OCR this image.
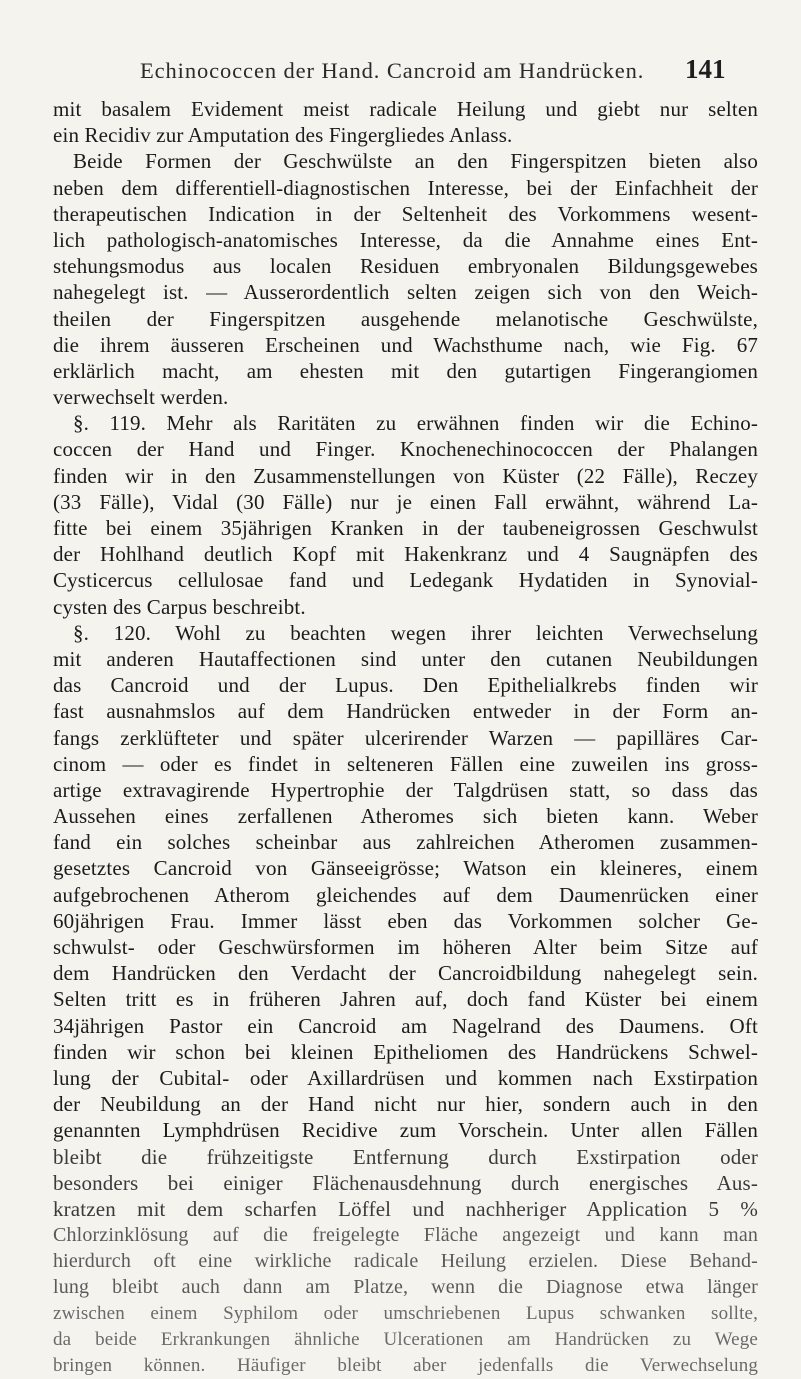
Echinococcen der Hand. Cancroid am Handrücken. 141
mit basalem Evidement meist radicale Heilung und giebt nur selten
ein Recidiv zur Amputation des Fingergliedes Anlass.
Beide Formen der Geschwülste an den Fingerspitzen bieten also
neben dem differentiell-diagnostischen Interesse, bei der Einfachheit der
therapeutischen Indication in der Seltenheit des Vorkommens wesent-
lich pathologisch-anatomisches Interesse, da die Annahme eines Ent-
stehungsmodus aus localen Residuen embryonalen Bildungsgewebes
nahegelegt ist. — Ausserordentlich selten zeigen sich von den Weich-
theilen der Fingerspitzen ausgehende melanotische Geschwülste,
die ihrem äusseren Erscheinen und Wachsthume nach, wie Fig. 67
erklärlich macht, am ehesten mit den gutartigen Fingerangiomen
verwechselt werden.
§. 119. Mehr als Raritäten zu erwähnen finden wir die Echino-
coccen der Hand und Finger. Knochenechinococcen der Phalangen
finden wir in den Zusammenstellungen von Küster (22 Fälle), Reczey
(33 Fälle), Vidal (30 Fälle) nur je einen Fall erwähnt, während La-
fitte bei einem 35jährigen Kranken in der taubeneigrossen Geschwulst
der Hohlhand deutlich Kopf mit Hakenkranz und 4 Saugnäpfen des
Cysticercus cellulosae fand und Ledegank Hydatiden in Synovial-
cysten des Carpus beschreibt.
§. 120. Wohl zu beachten wegen ihrer leichten Verwechselung
mit anderen Hautaffectionen sind unter den cutanen Neubildungen
das Cancroid und der Lupus. Den Epithelialkrebs finden wir
fast ausnahmslos auf dem Handrücken entweder in der Form an-
fangs zerklüfteter und später ulcerirender Warzen — papilläres Car-
cinom — oder es findet in selteneren Fällen eine zuweilen ins gross-
artige extravagirende Hypertrophie der Talgdrüsen statt, so dass das
Aussehen eines zerfallenen Atheromes sich bieten kann. Weber
fand ein solches scheinbar aus zahlreichen Atheromen zusammen-
gesetztes Cancroid von Gänseeigrösse; Watson ein kleineres, einem
aufgebrochenen Atherom gleichendes auf dem Daumenrücken einer
60jährigen Frau. Immer lässt eben das Vorkommen solcher Ge-
schwulst- oder Geschwürsformen im höheren Alter beim Sitze auf
dem Handrücken den Verdacht der Cancroidbildung nahegelegt sein.
Selten tritt es in früheren Jahren auf, doch fand Küster bei einem
34jährigen Pastor ein Cancroid am Nagelrand des Daumens. Oft
finden wir schon bei kleinen Epitheliomen des Handrückens Schwel-
lung der Cubital- oder Axillardrüsen und kommen nach Exstirpation
der Neubildung an der Hand nicht nur hier, sondern auch in den
genannten Lymphdrüsen Recidive zum Vorschein. Unter allen Fällen
bleibt die frühzeitigste Entfernung durch Exstirpation oder
besonders bei einiger Flächenausdehnung durch energisches Aus-
kratzen mit dem scharfen Löffel und nachheriger Application 5 %
Chlorzinklösung auf die freigelegte Fläche angezeigt und kann man
hierdurch oft eine wirkliche radicale Heilung erzielen. Diese Behand-
lung bleibt auch dann am Platze, wenn die Diagnose etwa länger
zwischen einem Syphilom oder umschriebenen Lupus schwanken sollte,
da beide Erkrankungen ähnliche Ulcerationen am Handrücken zu Wege
bringen können. Häufiger bleibt aber jedenfalls die Verwechselung
